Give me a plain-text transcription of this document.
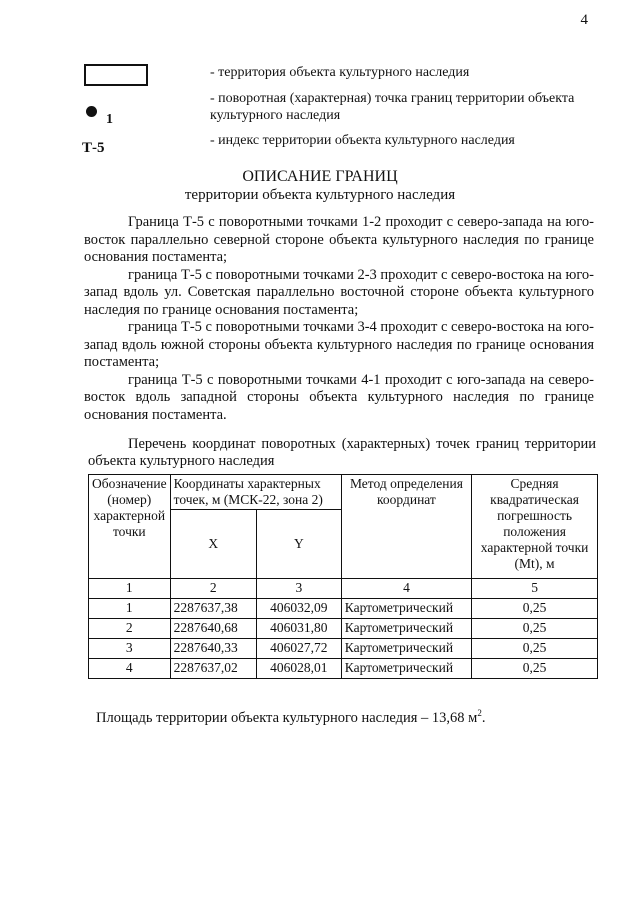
4
- территория объекта культурного наследия
1
- поворотная (характерная) точка границ территории объекта культурного наследия
Т-5	- индекс территории объекта культурного наследия
ОПИСАНИЕ ГРАНИЦ
территории объекта культурного наследия

Граница Т-5 с поворотными точками 1-2 проходит с северо-запада на юго-восток параллельно северной стороне объекта культурного наследия по границе основания постамента;

граница Т-5 с поворотными точками 2-3 проходит с северо-востока на юго-запад вдоль ул. Советская параллельно восточной стороне объекта культурного наследия по границе основания постамента;

граница Т-5 с поворотными точками 3-4 проходит с северо-востока на юго-запад вдоль южной стороны объекта культурного наследия по границе основания постамента;

граница Т-5 с поворотными точками 4-1 проходит с юго-запада на северо-восток вдоль западной стороны объекта культурного наследия по границе основания постамента.

Перечень координат поворотных (характерных) точек границ территории объекта культурного наследия
Обозначение (номер) характерной точки	Координаты характерных точек, м (МСК-22, зона 2)		Метод определения координат	Средняя квадратическая погрешность положения характерной точки (Mt), м
	X	Y		
1	2	3	4	5
1	2287637,38	406032,09	Картометрический	0,25
2	2287640,68	406031,80	Картометрический	0,25
3	2287640,33	406027,72	Картометрический	0,25
4	2287637,02	406028,01	Картометрический	0,25
Площадь территории объекта культурного наследия – 13,68 $м^2$.
